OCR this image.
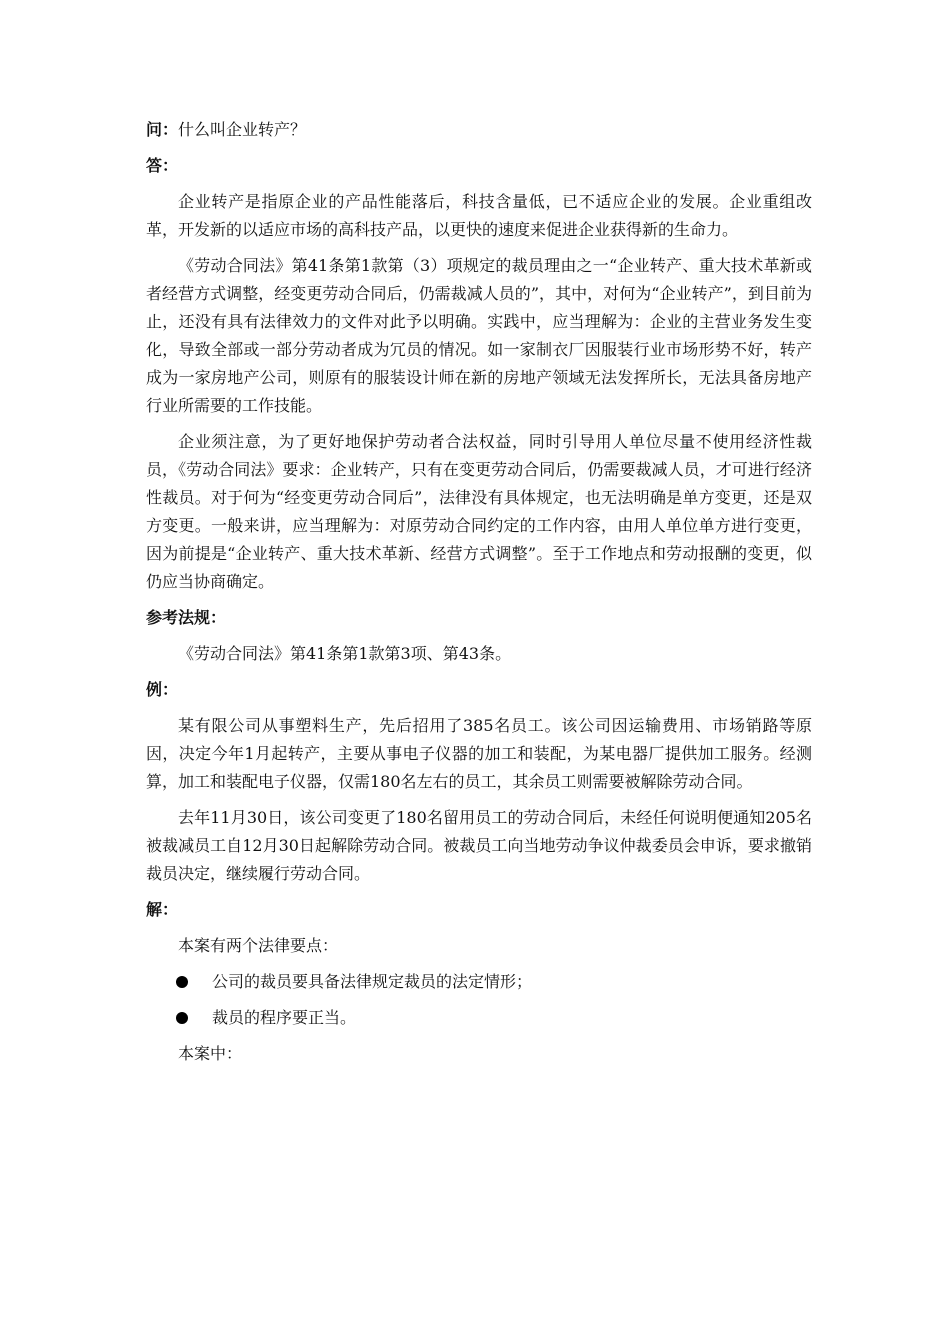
问：什么叫企业转产？
答：

企业转产是指原企业的产品性能落后，科技含量低，已不适应企业的发展。企业重组改革，开发新的以适应市场的高科技产品，以更快的速度来促进企业获得新的生命力。

《劳动合同法》第41条第1款第（3）项规定的裁员理由之一“企业转产、重大技术革新或者经营方式调整，经变更劳动合同后，仍需裁减人员的”，其中，对何为“企业转产”，到目前为止，还没有具有法律效力的文件对此予以明确。实践中，应当理解为：企业的主营业务发生变化，导致全部或一部分劳动者成为冗员的情况。如一家制衣厂因服装行业市场形势不好，转产成为一家房地产公司，则原有的服装设计师在新的房地产领域无法发挥所长，无法具备房地产行业所需要的工作技能。

企业须注意，为了更好地保护劳动者合法权益，同时引导用人单位尽量不使用经济性裁员，《劳动合同法》要求：企业转产，只有在变更劳动合同后，仍需要裁减人员，才可进行经济性裁员。对于何为“经变更劳动合同后”，法律没有具体规定，也无法明确是单方变更，还是双方变更。一般来讲，应当理解为：对原劳动合同约定的工作内容，由用人单位单方进行变更，因为前提是“企业转产、重大技术革新、经营方式调整”。至于工作地点和劳动报酬的变更，似仍应当协商确定。

参考法规：

《劳动合同法》第41条第1款第3项、第43条。

例：

某有限公司从事塑料生产，先后招用了385名员工。该公司因运输费用、市场销路等原因，决定今年1月起转产，主要从事电子仪器的加工和装配，为某电器厂提供加工服务。经测算，加工和装配电子仪器，仅需180名左右的员工，其余员工则需要被解除劳动合同。

去年11月30日，该公司变更了180名留用员工的劳动合同后，未经任何说明便通知205名被裁减员工自12月30日起解除劳动合同。被裁员工向当地劳动争议仲裁委员会申诉，要求撤销裁员决定，继续履行劳动合同。

解：

本案有两个法律要点：

公司的裁员要具备法律规定裁员的法定情形；
裁员的程序要正当。

本案中：
